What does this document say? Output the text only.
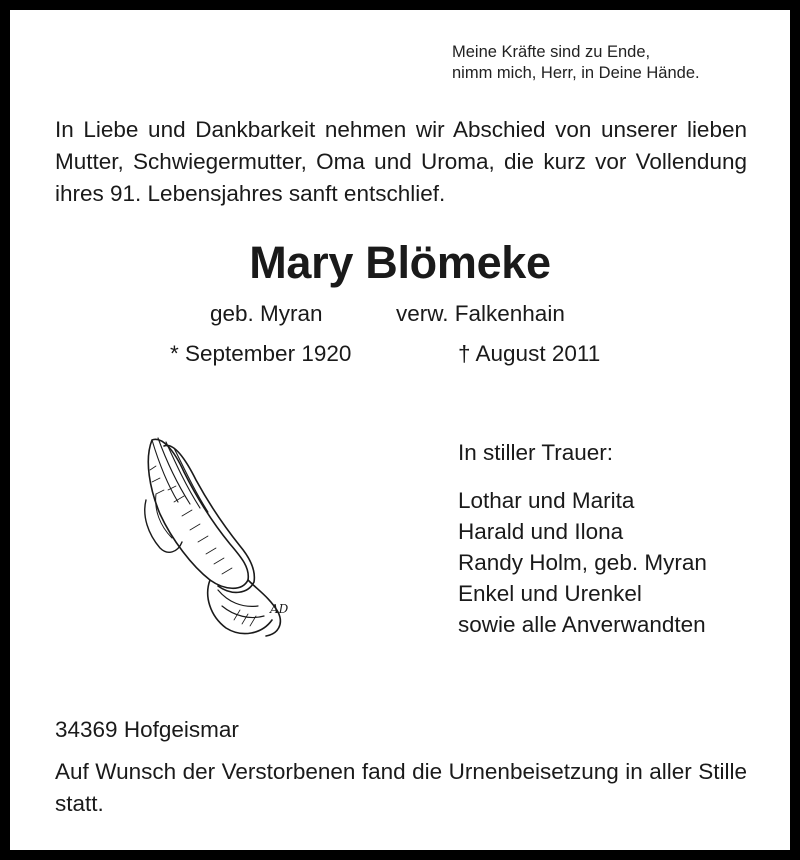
Meine Kräfte sind zu Ende,
nimm mich, Herr, in Deine Hände.
In Liebe und Dankbarkeit nehmen wir Abschied von unserer lieben Mutter, Schwiegermutter, Oma und Uroma, die kurz vor Vollendung ihres 91. Lebensjahres sanft entschlief.
Mary Blömeke
geb. Myran	verw. Falkenhain
* September 1920	† August 2011
AD
In stiller Trauer:
Lothar und Marita
Harald und Ilona
Randy Holm, geb. Myran
Enkel und Urenkel
sowie alle Anverwandten
34369 Hofgeismar
Auf Wunsch der Verstorbenen fand die Urnenbeisetzung in aller Stille statt.
